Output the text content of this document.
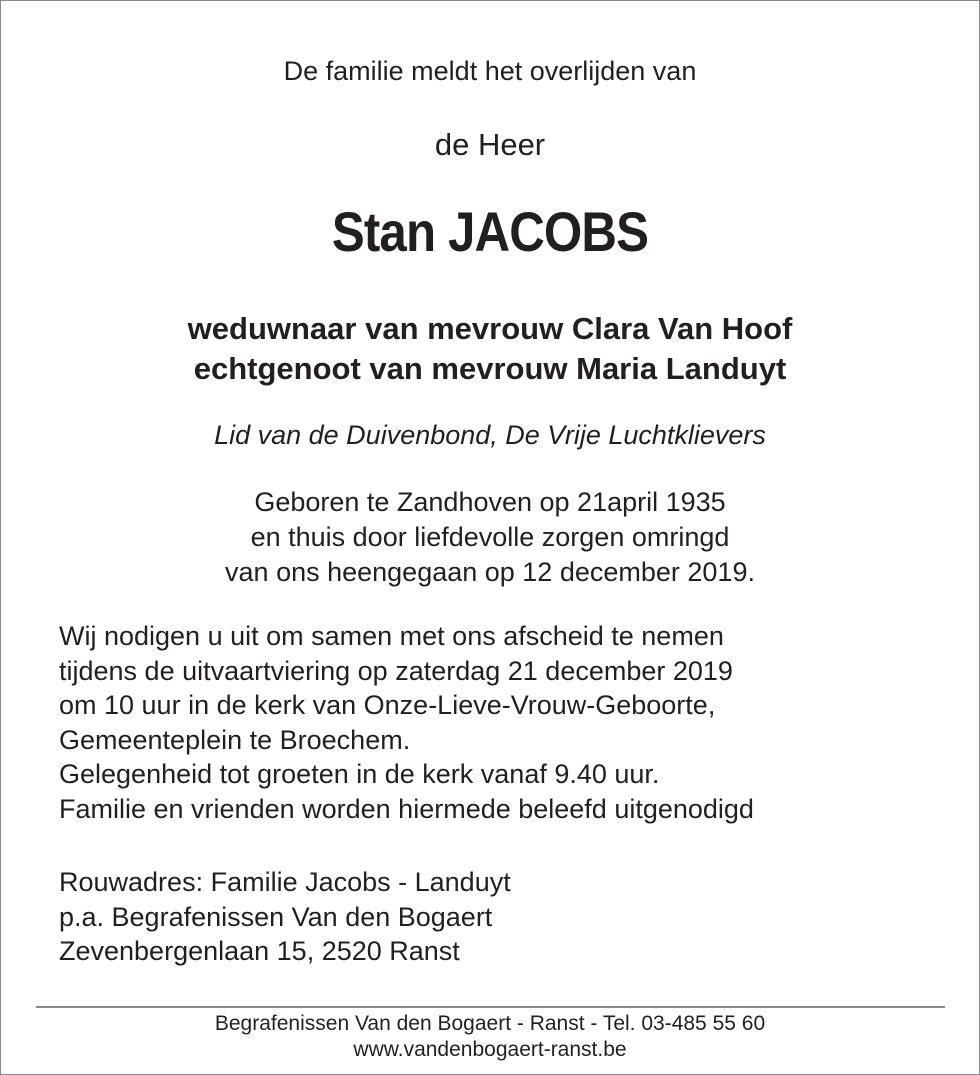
De familie meldt het overlijden van
de Heer
Stan JACOBS
weduwnaar van mevrouw Clara Van Hoof
echtgenoot van mevrouw Maria Landuyt
Lid van de Duivenbond, De Vrije Luchtklievers
Geboren te Zandhoven op 21april 1935
en thuis door liefdevolle zorgen omringd
van ons heengegaan op 12 december 2019.
Wij nodigen u uit om samen met ons afscheid te nemen
tijdens de uitvaartviering op zaterdag 21 december 2019
om 10 uur in de kerk van Onze-Lieve-Vrouw-Geboorte,
Gemeenteplein te Broechem.
Gelegenheid tot groeten in de kerk vanaf 9.40 uur.
Familie en vrienden worden hiermede beleefd uitgenodigd
Rouwadres: Familie Jacobs - Landuyt
p.a. Begrafenissen Van den Bogaert
Zevenbergenlaan 15, 2520 Ranst
Begrafenissen Van den Bogaert - Ranst - Tel. 03-485 55 60
www.vandenbogaert-ranst.be
